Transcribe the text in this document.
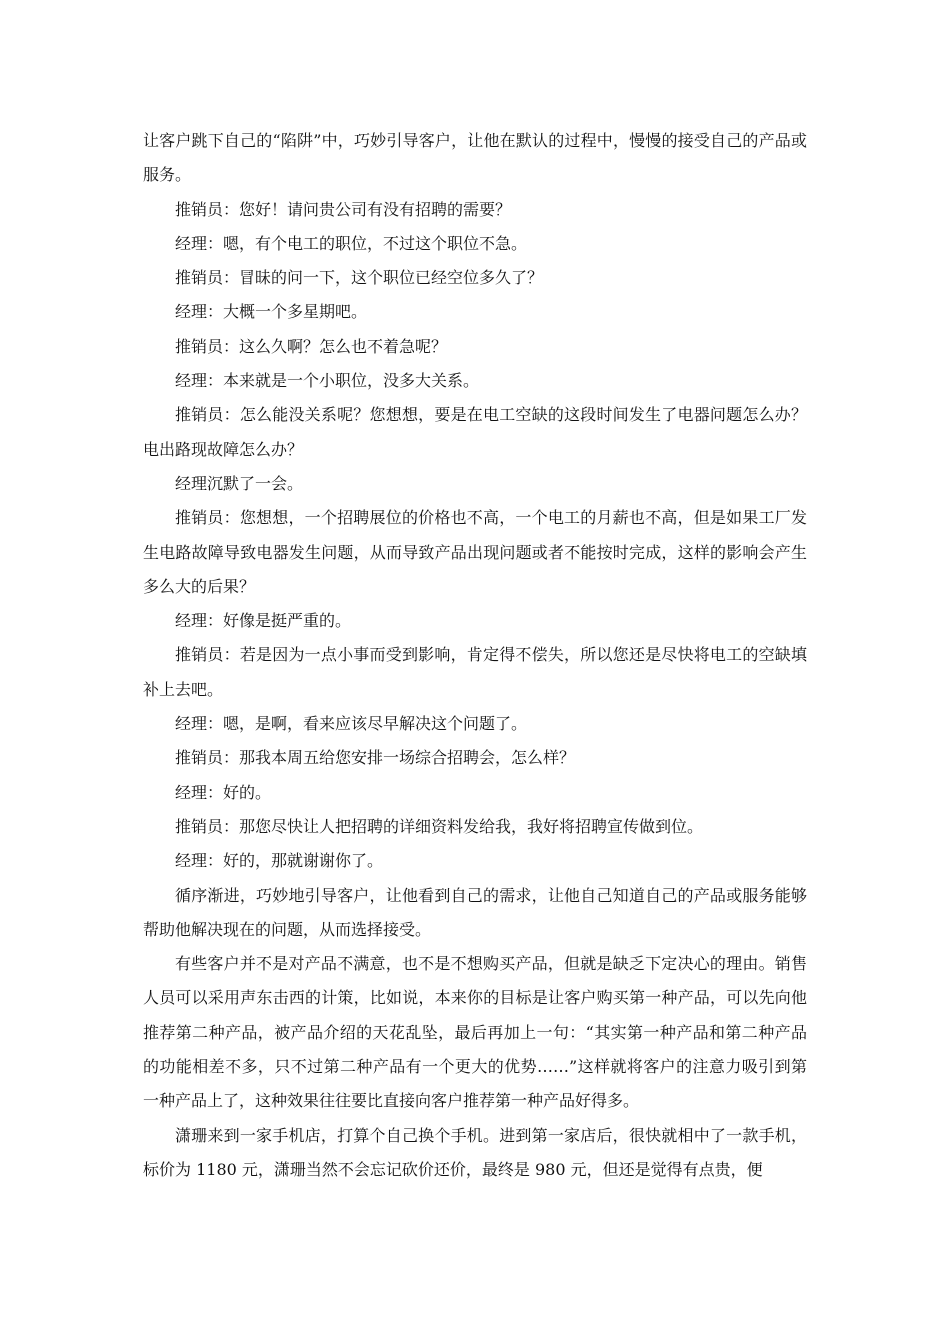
让客户跳下自己的“陷阱”中，巧妙引导客户，让他在默认的过程中，慢慢的接受自己的产品或服务。

推销员：您好！请问贵公司有没有招聘的需要？

经理：嗯，有个电工的职位，不过这个职位不急。

推销员：冒昧的问一下，这个职位已经空位多久了？

经理：大概一个多星期吧。

推销员：这么久啊？怎么也不着急呢？

经理：本来就是一个小职位，没多大关系。

推销员：怎么能没关系呢？您想想，要是在电工空缺的这段时间发生了电器问题怎么办？电出路现故障怎么办？

经理沉默了一会。

推销员：您想想，一个招聘展位的价格也不高，一个电工的月薪也不高，但是如果工厂发生电路故障导致电器发生问题，从而导致产品出现问题或者不能按时完成，这样的影响会产生多么大的后果？

经理：好像是挺严重的。

推销员：若是因为一点小事而受到影响，肯定得不偿失，所以您还是尽快将电工的空缺填补上去吧。

经理：嗯，是啊，看来应该尽早解决这个问题了。

推销员：那我本周五给您安排一场综合招聘会，怎么样？

经理：好的。

推销员：那您尽快让人把招聘的详细资料发给我，我好将招聘宣传做到位。

经理：好的，那就谢谢你了。

循序渐进，巧妙地引导客户，让他看到自己的需求，让他自己知道自己的产品或服务能够帮助他解决现在的问题，从而选择接受。

有些客户并不是对产品不满意，也不是不想购买产品，但就是缺乏下定决心的理由。销售人员可以采用声东击西的计策，比如说，本来你的目标是让客户购买第一种产品，可以先向他推荐第二种产品，被产品介绍的天花乱坠，最后再加上一句：“其实第一种产品和第二种产品的功能相差不多，只不过第二种产品有一个更大的优势……”这样就将客户的注意力吸引到第一种产品上了，这种效果往往要比直接向客户推荐第一种产品好得多。

潇珊来到一家手机店，打算个自己换个手机。进到第一家店后，很快就相中了一款手机，标价为 1180 元，潇珊当然不会忘记砍价还价，最终是 980 元，但还是觉得有点贵，便
